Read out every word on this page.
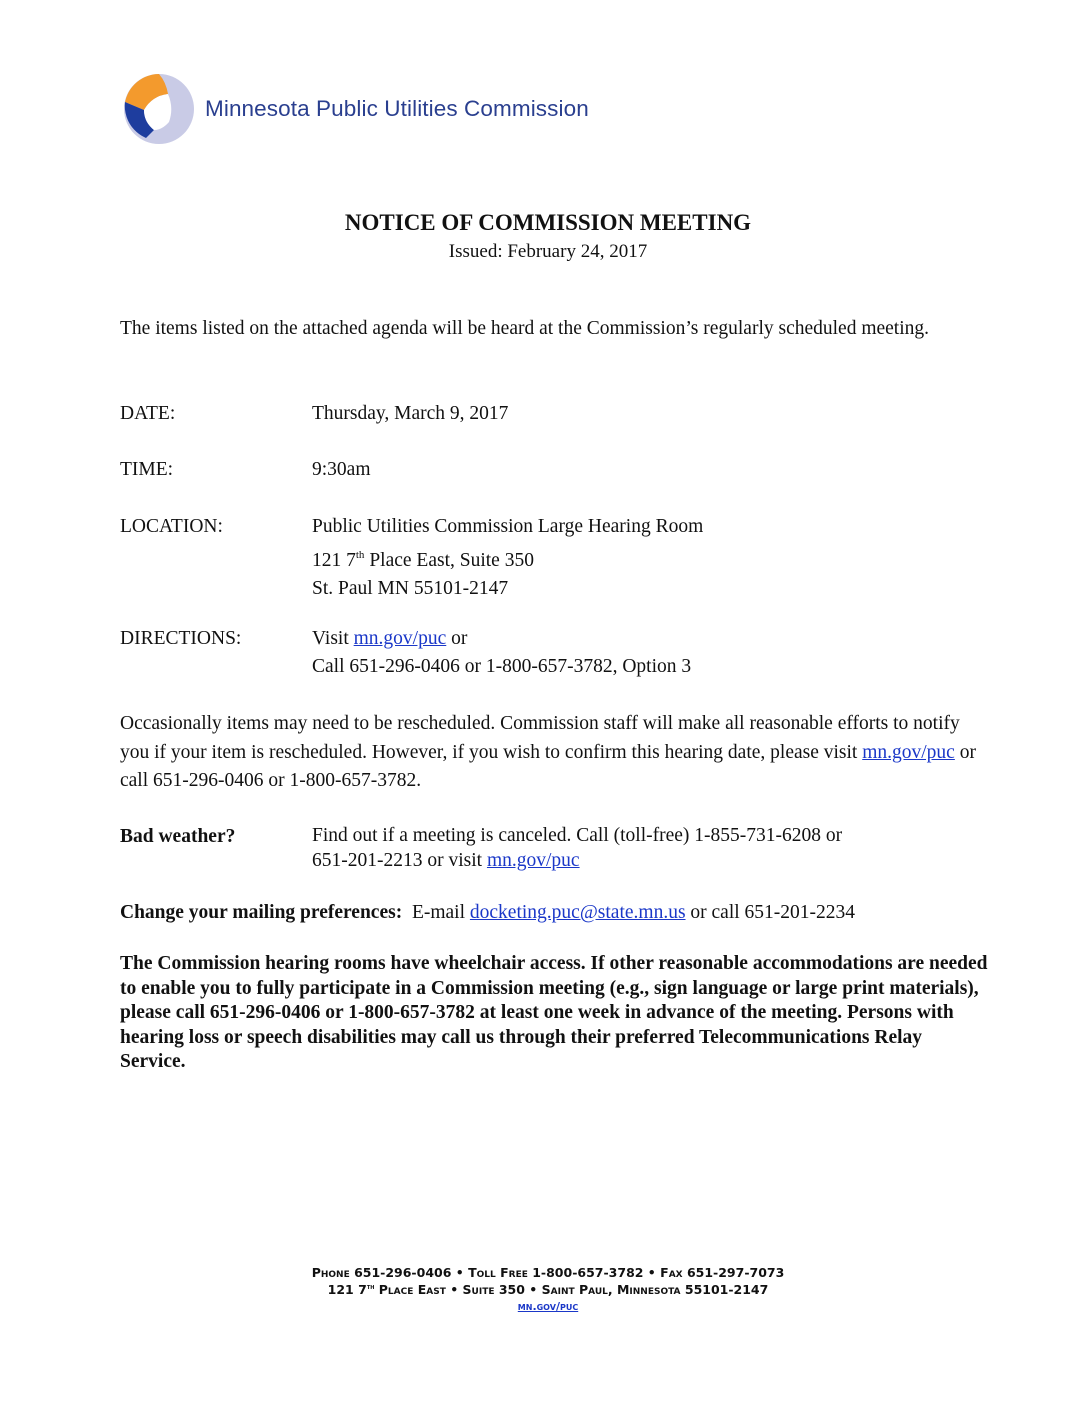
Minnesota Public Utilities Commission
NOTICE OF COMMISSION MEETING
Issued: February 24, 2017
The items listed on the attached agenda will be heard at the Commission’s regularly scheduled meeting.
DATE:	Thursday, March 9, 2017
TIME:	9:30am
LOCATION:	Public Utilities Commission Large Hearing Room
121 7th Place East, Suite 350
St. Paul MN 55101-2147
DIRECTIONS:	Visit mn.gov/puc or
Call 651-296-0406 or 1-800-657-3782, Option 3
Occasionally items may need to be rescheduled. Commission staff will make all reasonable efforts to notify you if your item is rescheduled. However, if you wish to confirm this hearing date, please visit mn.gov/puc or call 651-296-0406 or 1-800-657-3782.
Bad weather?	Find out if a meeting is canceled. Call (toll-free) 1-855-731-6208 or
651-201-2213 or visit mn.gov/puc
Change your mailing preferences:  E-mail docketing.puc@state.mn.us or call 651-201-2234
The Commission hearing rooms have wheelchair access. If other reasonable accommodations are needed to enable you to fully participate in a Commission meeting (e.g., sign language or large print materials), please call 651-296-0406 or 1-800-657-3782 at least one week in advance of the meeting. Persons with hearing loss or speech disabilities may call us through their preferred Telecommunications Relay Service.
Phone 651-296-0406 • Toll Free 1-800-657-3782 • Fax 651-297-7073
121 7th Place East • Suite 350 • Saint Paul, Minnesota 55101-2147
mn.gov/puc
